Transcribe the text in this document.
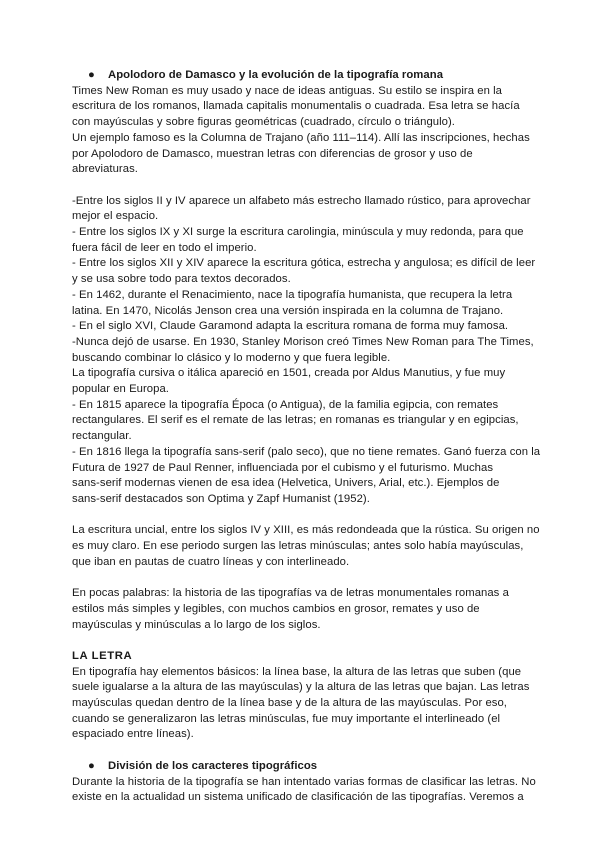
● Apolodoro de Damasco y la evolución de la tipografía romana
Times New Roman es muy usado y nace de ideas antiguas. Su estilo se inspira en la
escritura de los romanos, llamada capitalis monumentalis o cuadrada. Esa letra se hacía
con mayúsculas y sobre figuras geométricas (cuadrado, círculo o triángulo).
Un ejemplo famoso es la Columna de Trajano (año 111–114). Allí las inscripciones, hechas
por Apolodoro de Damasco, muestran letras con diferencias de grosor y uso de
abreviaturas.
-Entre los siglos II y IV aparece un alfabeto más estrecho llamado rústico, para aprovechar
mejor el espacio.
- Entre los siglos IX y XI surge la escritura carolingia, minúscula y muy redonda, para que
fuera fácil de leer en todo el imperio.
- Entre los siglos XII y XIV aparece la escritura gótica, estrecha y angulosa; es difícil de leer
y se usa sobre todo para textos decorados.
- En 1462, durante el Renacimiento, nace la tipografía humanista, que recupera la letra
latina. En 1470, Nicolás Jenson crea una versión inspirada en la columna de Trajano.
- En el siglo XVI, Claude Garamond adapta la escritura romana de forma muy famosa.
-Nunca dejó de usarse. En 1930, Stanley Morison creó Times New Roman para The Times,
buscando combinar lo clásico y lo moderno y que fuera legible.
La tipografía cursiva o itálica apareció en 1501, creada por Aldus Manutius, y fue muy
popular en Europa.
- En 1815 aparece la tipografía Época (o Antigua), de la familia egipcia, con remates
rectangulares. El serif es el remate de las letras; en romanas es triangular y en egipcias,
rectangular.
- En 1816 llega la tipografía sans-serif (palo seco), que no tiene remates. Ganó fuerza con la
Futura de 1927 de Paul Renner, influenciada por el cubismo y el futurismo. Muchas
sans-serif modernas vienen de esa idea (Helvetica, Univers, Arial, etc.). Ejemplos de
sans-serif destacados son Optima y Zapf Humanist (1952).
La escritura uncial, entre los siglos IV y XIII, es más redondeada que la rústica. Su origen no
es muy claro. En ese periodo surgen las letras minúsculas; antes solo había mayúsculas,
que iban en pautas de cuatro líneas y con interlineado.
En pocas palabras: la historia de las tipografías va de letras monumentales romanas a
estilos más simples y legibles, con muchos cambios en grosor, remates y uso de
mayúsculas y minúsculas a lo largo de los siglos.
LA LETRA
En tipografía hay elementos básicos: la línea base, la altura de las letras que suben (que
suele igualarse a la altura de las mayúsculas) y la altura de las letras que bajan. Las letras
mayúsculas quedan dentro de la línea base y de la altura de las mayúsculas. Por eso,
cuando se generalizaron las letras minúsculas, fue muy importante el interlineado (el
espaciado entre líneas).
● División de los caracteres tipográficos
Durante la historia de la tipografía se han intentado varias formas de clasificar las letras. No
existe en la actualidad un sistema unificado de clasificación de las tipografías. Veremos a
